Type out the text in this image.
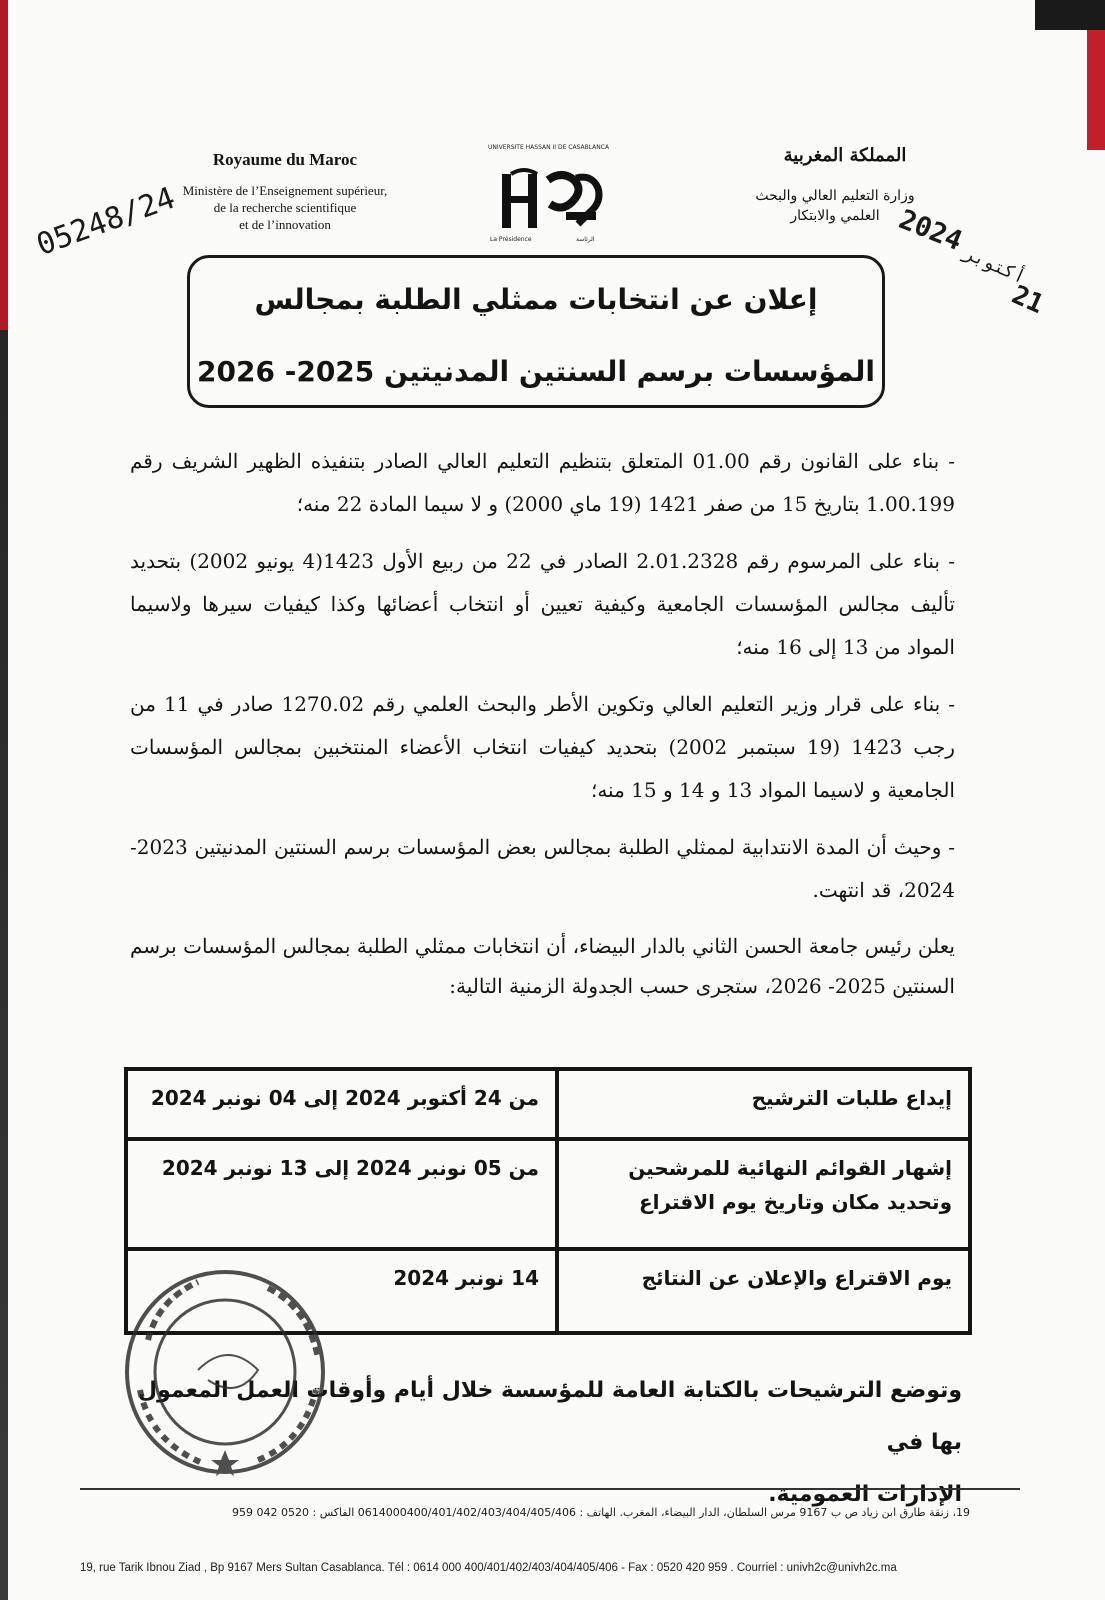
Royaume du Maroc
Ministère de l’Enseignement supérieur,
de la recherche scientifique
et de l’innovation
UNIVERSITE HASSAN II DE CASABLANCA
La Présidence	الرئاسة
المملكة المغربية
وزارة التعليم العالي والبحث
العلمي والابتكار
05248/24	2024
أكتوبر
21
إعلان عن انتخابات ممثلي الطلبة بمجالس
المؤسسات برسم السنتين المدنيتين 2025- 2026

- بناء على القانون رقم 01.00 المتعلق بتنظيم التعليم العالي الصادر بتنفيذه الظهير الشريف رقم 1.00.199 بتاريخ 15 من صفر 1421 (19 ماي 2000) و لا سيما المادة 22 منه؛

- بناء على المرسوم رقم 2.01.2328 الصادر في 22 من ربيع الأول 1423(4 يونيو 2002) بتحديد تأليف مجالس المؤسسات الجامعية وكيفية تعيين أو انتخاب أعضائها وكذا كيفيات سيرها ولاسيما المواد من 13 إلى 16 منه؛

- بناء على قرار وزير التعليم العالي وتكوين الأطر والبحث العلمي رقم 1270.02 صادر في 11 من رجب 1423 (19 سبتمبر 2002) بتحديد كيفيات انتخاب الأعضاء المنتخبين بمجالس المؤسسات الجامعية و لاسيما المواد 13 و 14 و 15 منه؛

- وحيث أن المدة الانتدابية لممثلي الطلبة بمجالس بعض المؤسسات برسم السنتين المدنيتين 2023-2024، قد انتهت.

يعلن رئيس جامعة الحسن الثاني بالدار البيضاء، أن انتخابات ممثلي الطلبة بمجالس المؤسسات برسم السنتين 2025- 2026، ستجرى حسب الجدولة الزمنية التالية:

إيداع طلبات الترشيح
من 24 أكتوبر 2024 إلى 04 نونبر 2024
إشهار القوائم النهائية للمرشحين وتحديد مكان وتاريخ يوم الاقتراع
من 05 نونبر 2024 إلى 13 نونبر 2024
يوم الاقتراع والإعلان عن النتائج
14 نونبر 2024
وتوضع الترشيحات بالكتابة العامة للمؤسسة خلال أيام وأوقات العمل المعمول بها في
الإدارات العمومية.
19، زنقة طارق ابن زياد ص ب 9167 مرس السلطان، الدار البيضاء، المغرب. الهاتف : 0614000400/401/402/403/404/405/406 الفاكس : 0520 042 959
19, rue Tarik Ibnou Ziad , Bp 9167 Mers Sultan Casablanca. Tél : 0614 000 400/401/402/403/404/405/406 - Fax : 0520 420 959 . Courriel : univh2c@univh2c.ma
